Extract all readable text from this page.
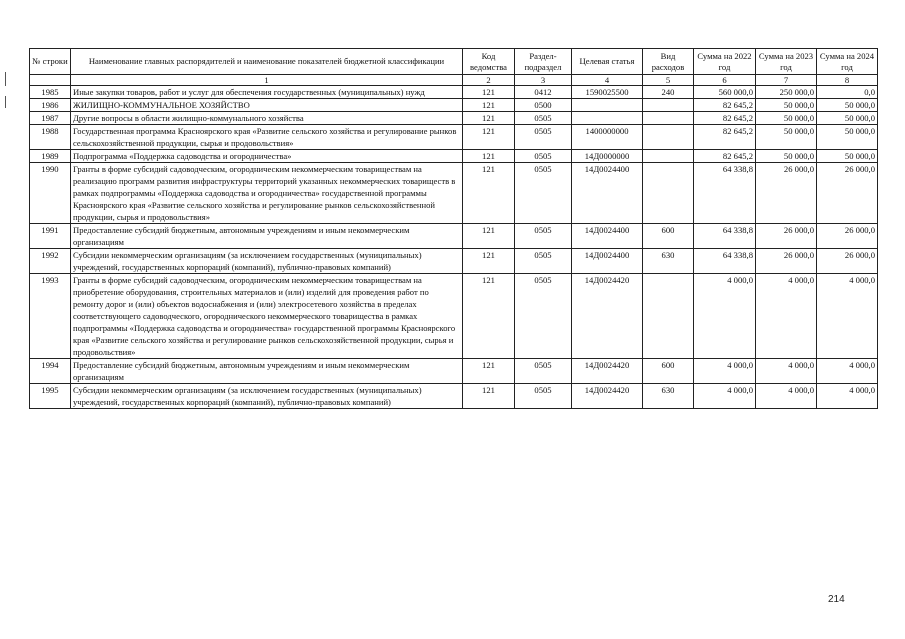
№ строки	Наименование главных распорядителей и наименование показателей бюджетной классификации	Код ведомства	Раздел-подраздел	Целевая статья	Вид расходов	Сумма на 2022 год	Сумма на 2023 год	Сумма на 2024 год
	1	2	3	4	5	6	7	8
1985	Иные закупки товаров, работ и услуг для обеспечения государственных (муниципальных) нужд	121	0412	1590025500	240	560 000,0	250 000,0	0,0
1986	ЖИЛИЩНО-КОММУНАЛЬНОЕ ХОЗЯЙСТВО	121	0500			82 645,2	50 000,0	50 000,0
1987	Другие вопросы в области жилищно-коммунального хозяйства	121	0505			82 645,2	50 000,0	50 000,0
1988	Государственная программа Красноярского края «Развитие сельского хозяйства и регулирование рынков сельскохозяйственной продукции, сырья и продовольствия»	121	0505	1400000000		82 645,2	50 000,0	50 000,0
1989	Подпрограмма «Поддержка садоводства и огородничества»	121	0505	14Д0000000		82 645,2	50 000,0	50 000,0
1990	Гранты в форме субсидий садоводческим, огородническим некоммерческим товариществам на реализацию программ развития инфраструктуры территорий указанных некоммерческих товариществ в рамках подпрограммы «Поддержка садоводства и огородничества» государственной программы Красноярского края «Развитие сельского хозяйства и регулирование рынков сельскохозяйственной продукции, сырья и продовольствия»	121	0505	14Д0024400		64 338,8	26 000,0	26 000,0
1991	Предоставление субсидий бюджетным, автономным учреждениям и иным некоммерческим организациям	121	0505	14Д0024400	600	64 338,8	26 000,0	26 000,0
1992	Субсидии некоммерческим организациям (за исключением государственных (муниципальных) учреждений, государственных корпораций (компаний), публично-правовых компаний)	121	0505	14Д0024400	630	64 338,8	26 000,0	26 000,0
1993	Гранты в форме субсидий садоводческим, огородническим некоммерческим товариществам на приобретение оборудования, строительных материалов и (или) изделий для проведения работ по ремонту дорог и (или) объектов водоснабжения и (или) электросетевого хозяйства в пределах соответствующего садоводческого, огороднического некоммерческого товарищества в рамках подпрограммы «Поддержка садоводства и огородничества» государственной программы Красноярского края «Развитие сельского хозяйства и регулирование рынков сельскохозяйственной продукции, сырья и продовольствия»	121	0505	14Д0024420		4 000,0	4 000,0	4 000,0
1994	Предоставление субсидий бюджетным, автономным учреждениям и иным некоммерческим организациям	121	0505	14Д0024420	600	4 000,0	4 000,0	4 000,0
1995	Субсидии некоммерческим организациям (за исключением государственных (муниципальных) учреждений, государственных корпораций (компаний), публично-правовых компаний)	121	0505	14Д0024420	630	4 000,0	4 000,0	4 000,0
214
